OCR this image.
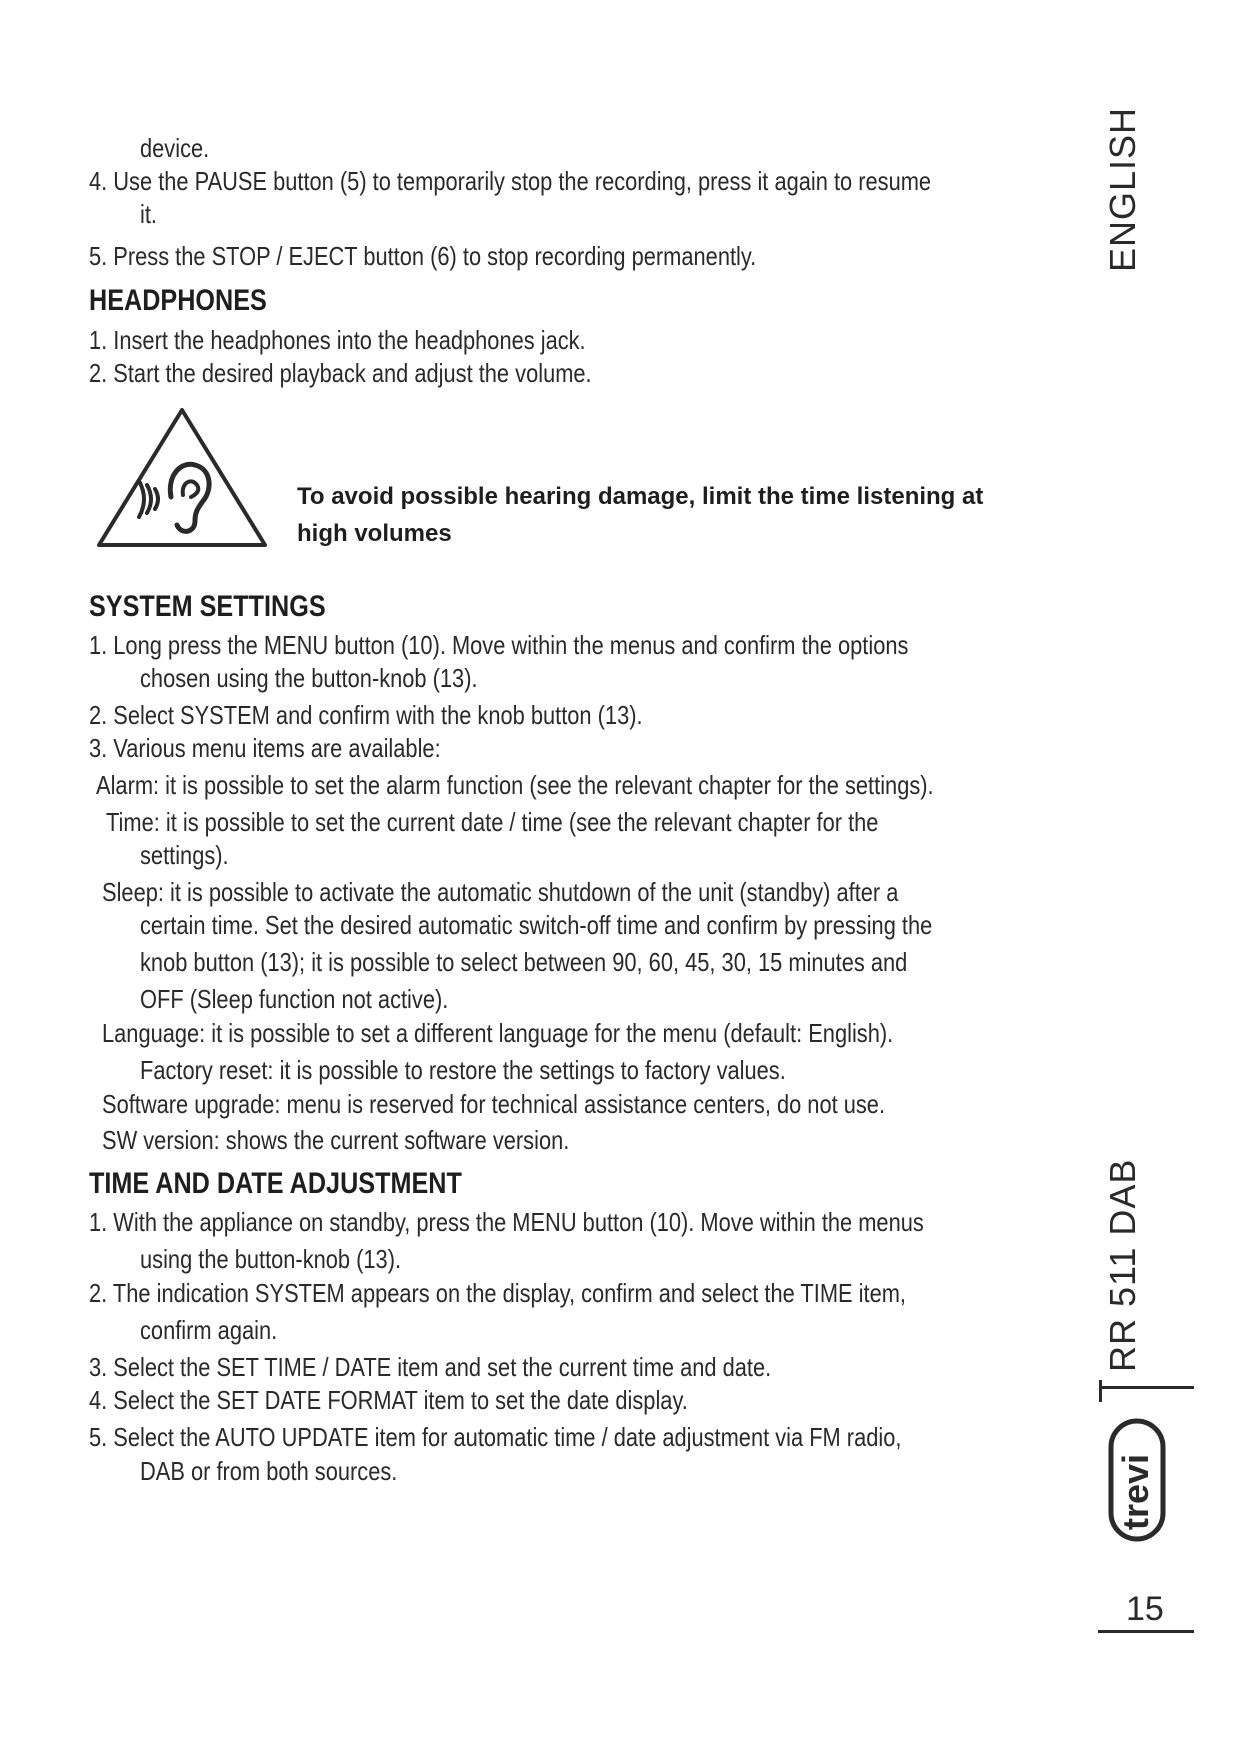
device.
4. Use the PAUSE button (5) to temporarily stop the recording, press it again to resume
it.
5. Press the STOP / EJECT button (6) to stop recording permanently.
HEADPHONES
1. Insert the headphones into the headphones jack.
2. Start the desired playback and adjust the volume.
To avoid possible hearing damage, limit the time listening at
high volumes
SYSTEM SETTINGS
1. Long press the MENU button (10). Move within the menus and confirm the options
chosen using the button-knob (13).
2. Select SYSTEM and confirm with the knob button (13).
3. Various menu items are available:
Alarm: it is possible to set the alarm function (see the relevant chapter for the settings).
Time: it is possible to set the current date / time (see the relevant chapter for the
settings).
Sleep: it is possible to activate the automatic shutdown of the unit (standby) after a
certain time. Set the desired automatic switch-off time and confirm by pressing the
knob button (13); it is possible to select between 90, 60, 45, 30, 15 minutes and
OFF (Sleep function not active).
Language: it is possible to set a different language for the menu (default: English).
Factory reset: it is possible to restore the settings to factory values.
Software upgrade: menu is reserved for technical assistance centers, do not use.
SW version: shows the current software version.
TIME AND DATE ADJUSTMENT
1. With the appliance on standby, press the MENU button (10). Move within the menus
using the button-knob (13).
2. The indication SYSTEM appears on the display, confirm and select the TIME item,
confirm again.
3. Select the SET TIME / DATE item and set the current time and date.
4. Select the SET DATE FORMAT item to set the date display.
5. Select the AUTO UPDATE item for automatic time / date adjustment via FM radio,
DAB or from both sources.
ENGLISH
RR 511 DAB
trevi
15
